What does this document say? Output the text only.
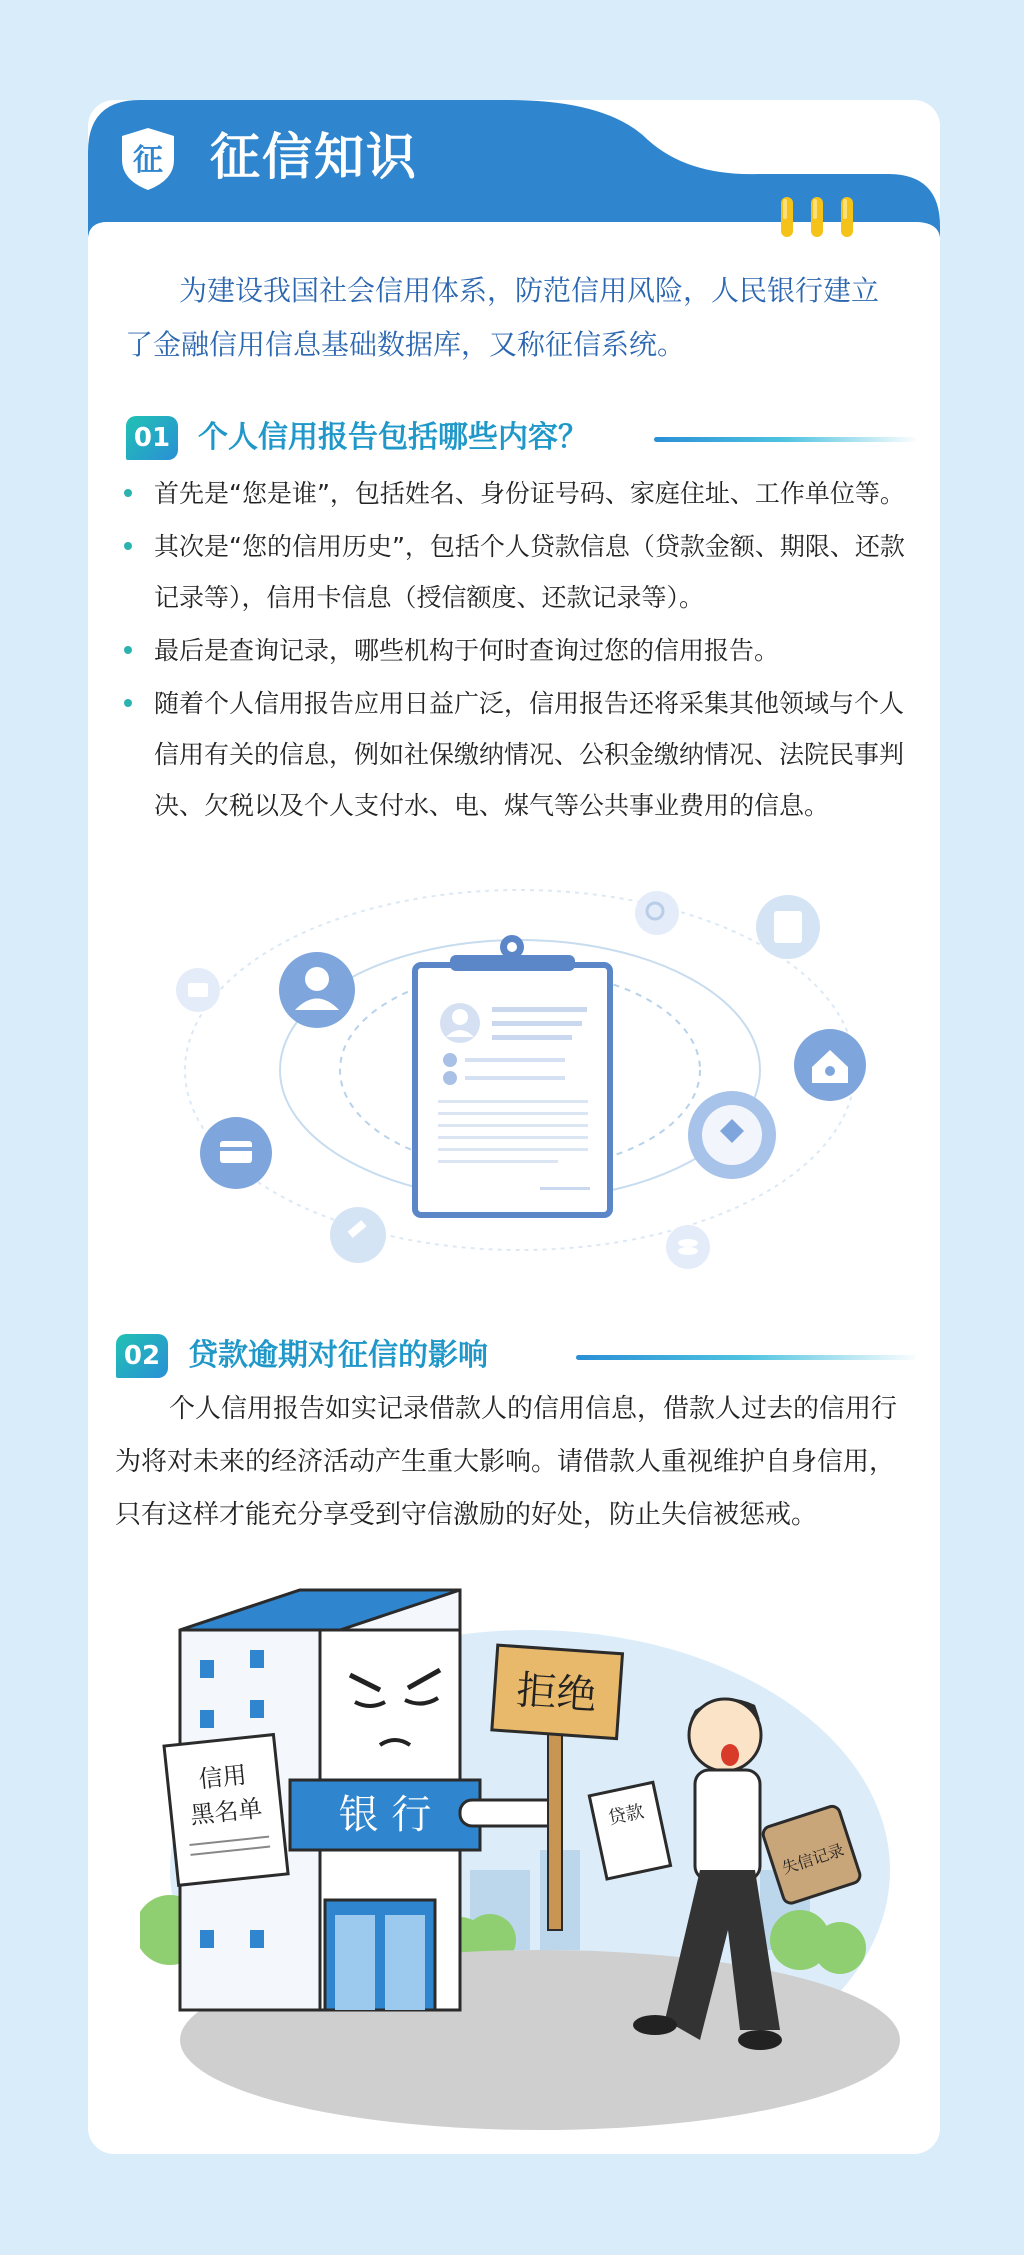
征 征信知识
为建设我国社会信用体系，防范信用风险，人民银行建立了金融信用信息基础数据库，又称征信系统。
01 个人信用报告包括哪些内容？
首先是“您是谁”，包括姓名、身份证号码、家庭住址、工作单位等。
其次是“您的信用历史”，包括个人贷款信息（贷款金额、期限、还款记录等），信用卡信息（授信额度、还款记录等）。
最后是查询记录，哪些机构于何时查询过您的信用报告。
随着个人信用报告应用日益广泛，信用报告还将采集其他领域与个人信用有关的信息，例如社保缴纳情况、公积金缴纳情况、法院民事判决、欠税以及个人支付水、电、煤气等公共事业费用的信息。
02 贷款逾期对征信的影响
个人信用报告如实记录借款人的信用信息，借款人过去的信用行为将对未来的经济活动产生重大影响。请借款人重视维护自身信用，只有这样才能充分享受到守信激励的好处，防止失信被惩戒。
银 行
信用
黑名单
拒绝
贷款
失信记录
